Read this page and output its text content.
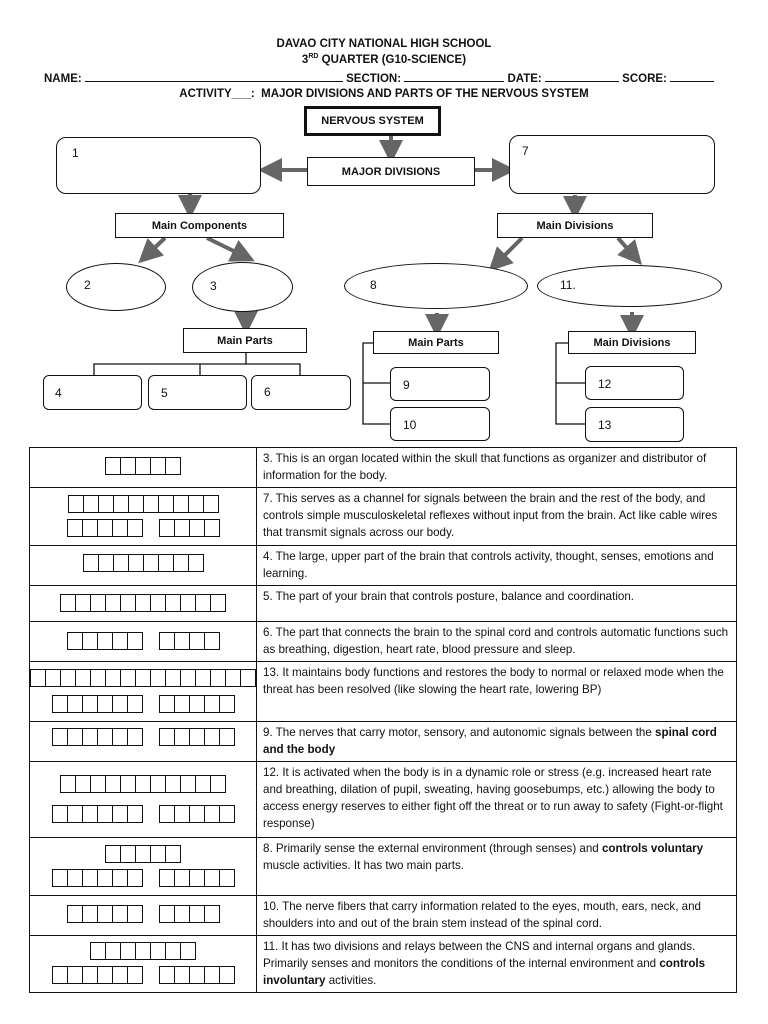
DAVAO CITY NATIONAL HIGH SCHOOL
3RD QUARTER (G10-SCIENCE)
NAME:	SECTION:	DATE:	SCORE:
ACTIVITY___: MAJOR DIVISIONS AND PARTS OF THE NERVOUS SYSTEM
NERVOUS SYSTEM
MAJOR DIVISIONS
1	7
Main Components	Main Divisions
2	3	8	11.
Main Parts	Main Parts	Main Divisions
4	5	6	9
10
12
13
	3. This is an organ located within the skull that functions as organizer and distributor of information for the body.

	7. This serves as a channel for signals between the brain and the rest of the body, and controls simple musculoskeletal reflexes without input from the brain. Act like cable wires that transmit signals across our body.

	4. The large, upper part of the brain that controls activity, thought, senses, emotions and learning.

	5. The part of your brain that controls posture, balance and coordination.

	6. The part that connects the brain to the spinal cord and controls automatic functions such as breathing, digestion, heart rate, blood pressure and sleep.

	13. It maintains body functions and restores the body to normal or relaxed mode when the threat has been resolved (like slowing the heart rate, lowering BP)

	9. The nerves that carry motor, sensory, and autonomic signals between the spinal cord and the body

	12. It is activated when the body is in a dynamic role or stress (e.g. increased heart rate and breathing, dilation of pupil, sweating, having goosebumps, etc.) allowing the body to access energy reserves to either fight off the threat or to run away to safety (Fight-or-flight response)

	8. Primarily sense the external environment (through senses) and controls voluntary muscle activities. It has two main parts.

	10. The nerve fibers that carry information related to the eyes, mouth, ears, neck, and shoulders into and out of the brain stem instead of the spinal cord.

	11. It has two divisions and relays between the CNS and internal organs and glands. Primarily senses and monitors the conditions of the internal environment and controls involuntary activities.
